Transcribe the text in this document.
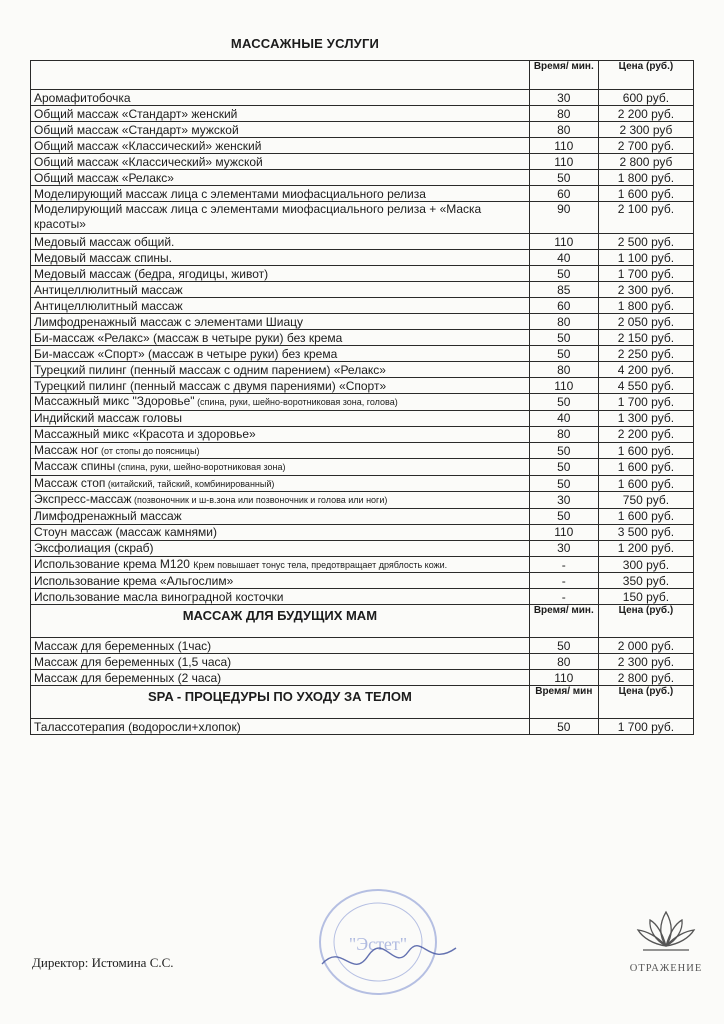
МАССАЖНЫЕ УСЛУГИ
	Время/ мин.	Цена (руб.)
Аромафитобочка	30	600 руб.
Общий массаж «Стандарт» женский	80	2 200 руб.
Общий массаж «Стандарт» мужской	80	2 300 руб
Общий массаж «Классический» женский	110	2 700 руб.
Общий массаж «Классический» мужской	110	2 800 руб
Общий массаж «Релакс»	50	1 800 руб.
Моделирующий массаж лица с элементами миофасциального релиза	60	1 600 руб.
Моделирующий массаж лица с элементами миофасциального релиза + «Маска красоты»	90	2 100 руб.
Медовый массаж общий.	110	2 500 руб.
Медовый массаж спины.	40	1 100 руб.
Медовый массаж (бедра, ягодицы, живот)	50	1 700 руб.
Антицеллюлитный массаж	85	2 300 руб.
Антицеллюлитный массаж	60	1 800 руб.
Лимфодренажный массаж с элементами Шиацу	80	2 050 руб.
Би-массаж «Релакс» (массаж в четыре руки) без крема	50	2 150 руб.
Би-массаж «Спорт» (массаж в четыре руки) без крема	50	2 250 руб.
Турецкий пилинг (пенный массаж с одним парением) «Релакс»	80	4 200 руб.
Турецкий пилинг (пенный массаж с двумя парениями) «Спорт»	110	4 550 руб.
Массажный микс "Здоровье" (спина, руки, шейно-воротниковая зона, голова)	50	1 700 руб.
Индийский массаж головы	40	1 300 руб.
Массажный микс «Красота и здоровье»	80	2 200 руб.
Массаж ног (от стопы до поясницы)	50	1 600 руб.
Массаж спины (спина, руки, шейно-воротниковая зона)	50	1 600 руб.
Массаж стоп (китайский, тайский, комбинированный)	50	1 600 руб.
Экспресс-массаж (позвоночник и ш-в.зона или позвоночник и голова или ноги)	30	750 руб.
Лимфодренажный массаж	50	1 600 руб.
Стоун массаж (массаж камнями)	110	3 500 руб.
Эксфолиация (скраб)	30	1 200 руб.
Использование крема М120 Крем повышает тонус тела, предотвращает дряблость кожи.	-	300 руб.
Использование крема «Альгослим»	-	350 руб.
Использование масла виноградной косточки	-	150 руб.
МАССАЖ ДЛЯ БУДУЩИХ МАМ	Время/ мин.	Цена (руб.)
Массаж для беременных (1час)	50	2 000 руб.
Массаж для беременных (1,5 часа)	80	2 300 руб.
Массаж для беременных (2 часа)	110	2 800 руб.
SPA - ПРОЦЕДУРЫ ПО УХОДУ ЗА ТЕЛОМ	Время/ мин	Цена (руб.)
Талассотерапия (водоросли+хлопок)	50	1 700 руб.
Директор: Истомина С.С.
"Эстет"
ОТРАЖЕНИЕ
